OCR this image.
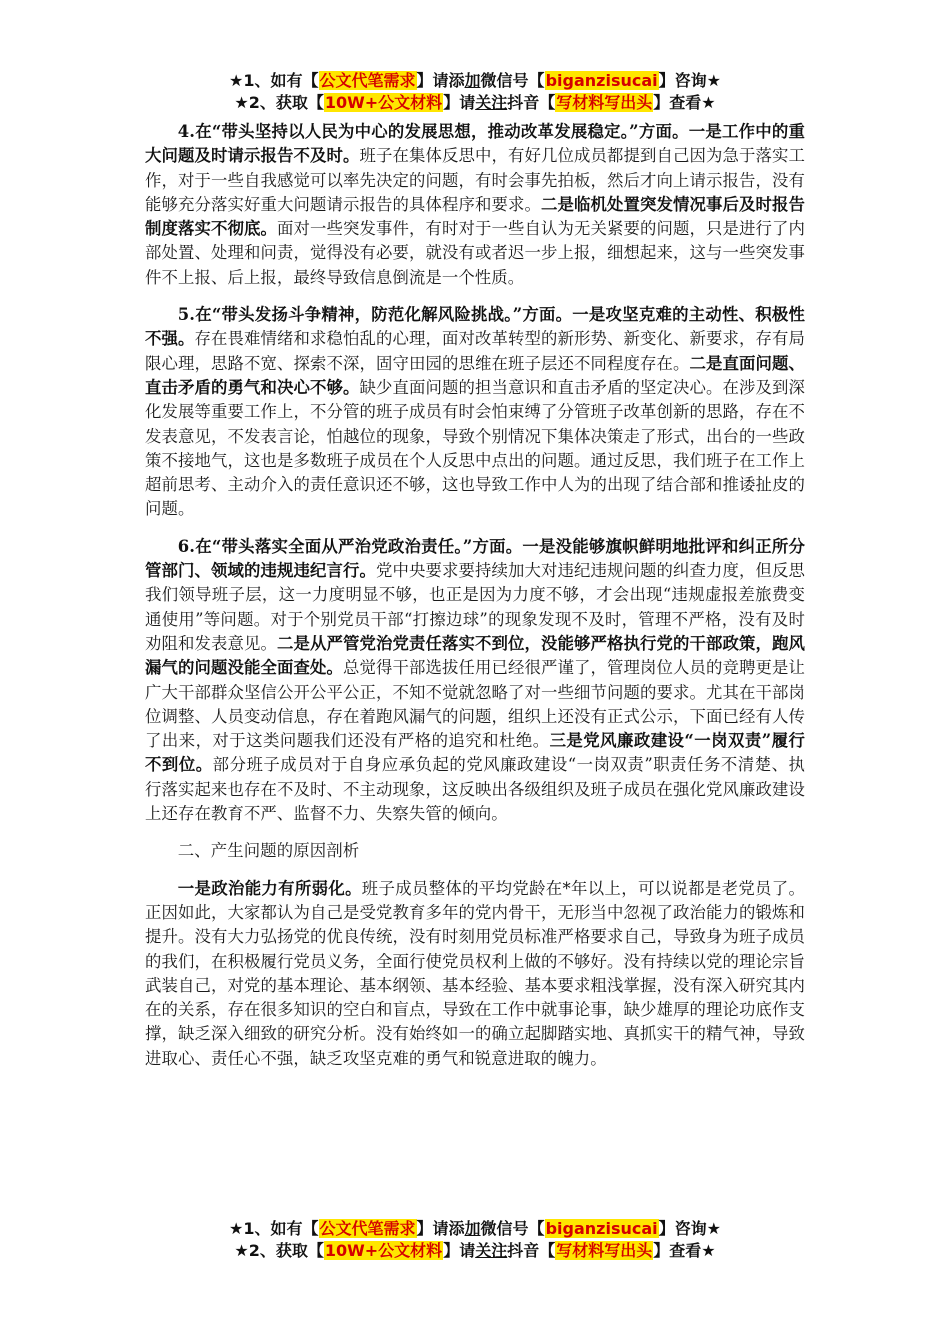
★1、如有【公文代笔需求】请添加微信号【biganzisucai】咨询★
★2、获取【10W+公文材料】请关注抖音【写材料写出头】查看★

4.在“带头坚持以人民为中心的发展思想，推动改革发展稳定。”方面。一是工作中的重大问题及时请示报告不及时。班子在集体反思中，有好几位成员都提到自己因为急于落实工作，对于一些自我感觉可以率先决定的问题，有时会事先拍板，然后才向上请示报告，没有能够充分落实好重大问题请示报告的具体程序和要求。二是临机处置突发情况事后及时报告制度落实不彻底。面对一些突发事件，有时对于一些自认为无关紧要的问题，只是进行了内部处置、处理和问责，觉得没有必要，就没有或者迟一步上报，细想起来，这与一些突发事件不上报、后上报，最终导致信息倒流是一个性质。

5.在“带头发扬斗争精神，防范化解风险挑战。”方面。一是攻坚克难的主动性、积极性不强。存在畏难情绪和求稳怕乱的心理，面对改革转型的新形势、新变化、新要求，存有局限心理，思路不宽、探索不深，固守田园的思维在班子层还不同程度存在。二是直面问题、直击矛盾的勇气和决心不够。缺少直面问题的担当意识和直击矛盾的坚定决心。在涉及到深化发展等重要工作上，不分管的班子成员有时会怕束缚了分管班子改革创新的思路，存在不发表意见，不发表言论，怕越位的现象，导致个别情况下集体决策走了形式，出台的一些政策不接地气，这也是多数班子成员在个人反思中点出的问题。通过反思，我们班子在工作上超前思考、主动介入的责任意识还不够，这也导致工作中人为的出现了结合部和推诿扯皮的问题。

6.在“带头落实全面从严治党政治责任。”方面。一是没能够旗帜鲜明地批评和纠正所分管部门、领域的违规违纪言行。党中央要求要持续加大对违纪违规问题的纠查力度，但反思我们领导班子层，这一力度明显不够，也正是因为力度不够，才会出现“违规虚报差旅费变通使用”等问题。对于个别党员干部“打擦边球”的现象发现不及时，管理不严格，没有及时劝阻和发表意见。二是从严管党治党责任落实不到位，没能够严格执行党的干部政策，跑风漏气的问题没能全面查处。总觉得干部选拔任用已经很严谨了，管理岗位人员的竞聘更是让广大干部群众坚信公开公平公正，不知不觉就忽略了对一些细节问题的要求。尤其在干部岗位调整、人员变动信息，存在着跑风漏气的问题，组织上还没有正式公示，下面已经有人传了出来，对于这类问题我们还没有严格的追究和杜绝。三是党风廉政建设“一岗双责”履行不到位。部分班子成员对于自身应承负起的党风廉政建设“一岗双责”职责任务不清楚、执行落实起来也存在不及时、不主动现象，这反映出各级组织及班子成员在强化党风廉政建设上还存在教育不严、监督不力、失察失管的倾向。

二、产生问题的原因剖析

一是政治能力有所弱化。班子成员整体的平均党龄在*年以上，可以说都是老党员了。正因如此，大家都认为自己是受党教育多年的党内骨干，无形当中忽视了政治能力的锻炼和提升。没有大力弘扬党的优良传统，没有时刻用党员标准严格要求自己，导致身为班子成员的我们，在积极履行党员义务，全面行使党员权利上做的不够好。没有持续以党的理论宗旨武装自己，对党的基本理论、基本纲领、基本经验、基本要求粗浅掌握，没有深入研究其内在的关系，存在很多知识的空白和盲点，导致在工作中就事论事，缺少雄厚的理论功底作支撑，缺乏深入细致的研究分析。没有始终如一的确立起脚踏实地、真抓实干的精气神，导致进取心、责任心不强，缺乏攻坚克难的勇气和锐意进取的魄力。

★1、如有【公文代笔需求】请添加微信号【biganzisucai】咨询★
★2、获取【10W+公文材料】请关注抖音【写材料写出头】查看★
